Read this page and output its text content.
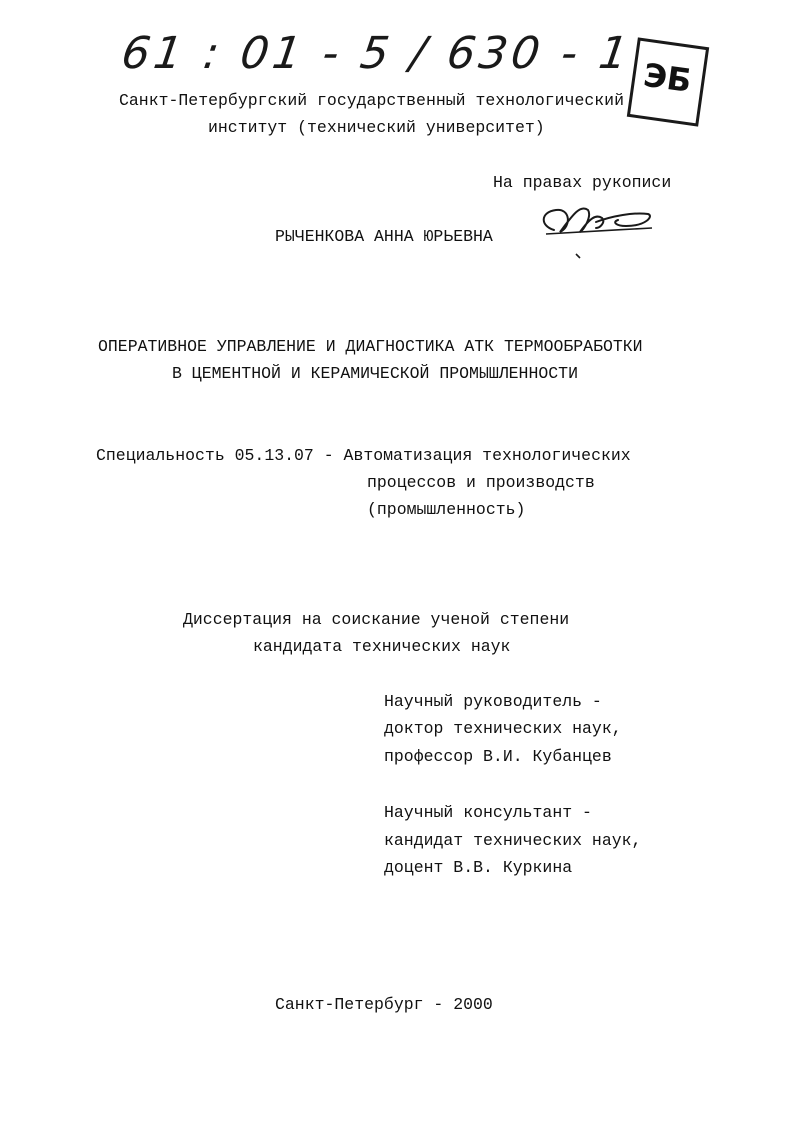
61 : 01 - 5 / 630 - 1 ЭБ
Санкт-Петербургский государственный технологический
институт (технический университет)
На правах рукописи
РЫЧЕНКОВА АННА ЮРЬЕВНА
ОПЕРАТИВНОЕ УПРАВЛЕНИЕ И ДИАГНОСТИКА АТК ТЕРМООБРАБОТКИ
В ЦЕМЕНТНОЙ И КЕРАМИЧЕСКОЙ ПРОМЫШЛЕННОСТИ
Специальность 05.13.07 - Автоматизация технологических
процессов и производств
(промышленность)
Диссертация на соискание ученой степени
кандидата технических наук
Научный руководитель -
доктор технических наук,
профессор В.И. Кубанцев
Научный консультант -
кандидат технических наук,
доцент В.В. Куркина
Санкт-Петербург - 2000
